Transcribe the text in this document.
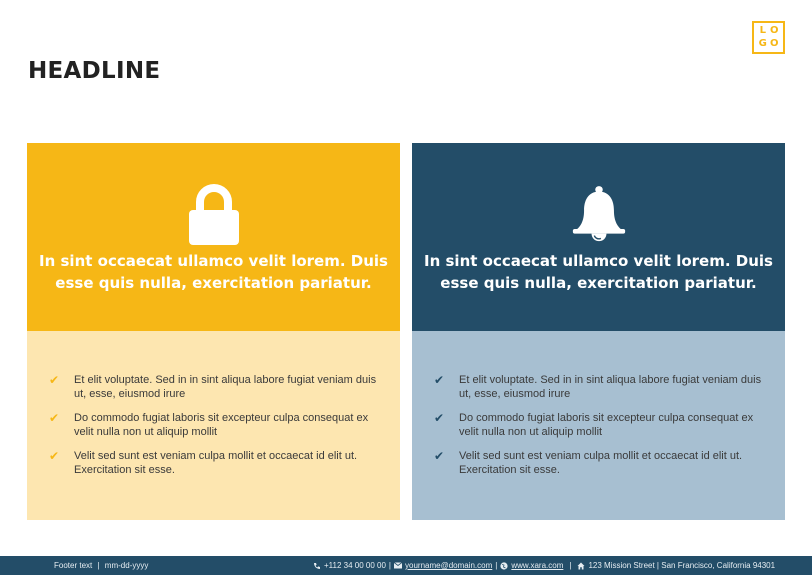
L O
G O
HEADLINE
In sint occaecat ullamco velit lorem. Duis esse quis nulla, exercitation pariatur.
✔	Et elit voluptate. Sed in in sint aliqua labore fugiat veniam duis ut, esse, eiusmod irure
✔	Do commodo fugiat laboris sit excepteur culpa consequat ex velit nulla non ut aliquip mollit
✔	Velit sed sunt est veniam culpa mollit et occaecat id elit ut. Exercitation sit esse.
In sint occaecat ullamco velit lorem. Duis esse quis nulla, exercitation pariatur.
✔	Et elit voluptate. Sed in in sint aliqua labore fugiat veniam duis ut, esse, eiusmod irure
✔	Do commodo fugiat laboris sit excepteur culpa consequat ex velit nulla non ut aliquip mollit
✔	Velit sed sunt est veniam culpa mollit et occaecat id elit ut. Exercitation sit esse.
Footer text | mm-dd-yyyy	+112 34 00 00 00 | yourname@domain.com | www.xara.com | 123 Mission Street | San Francisco, California 94301
